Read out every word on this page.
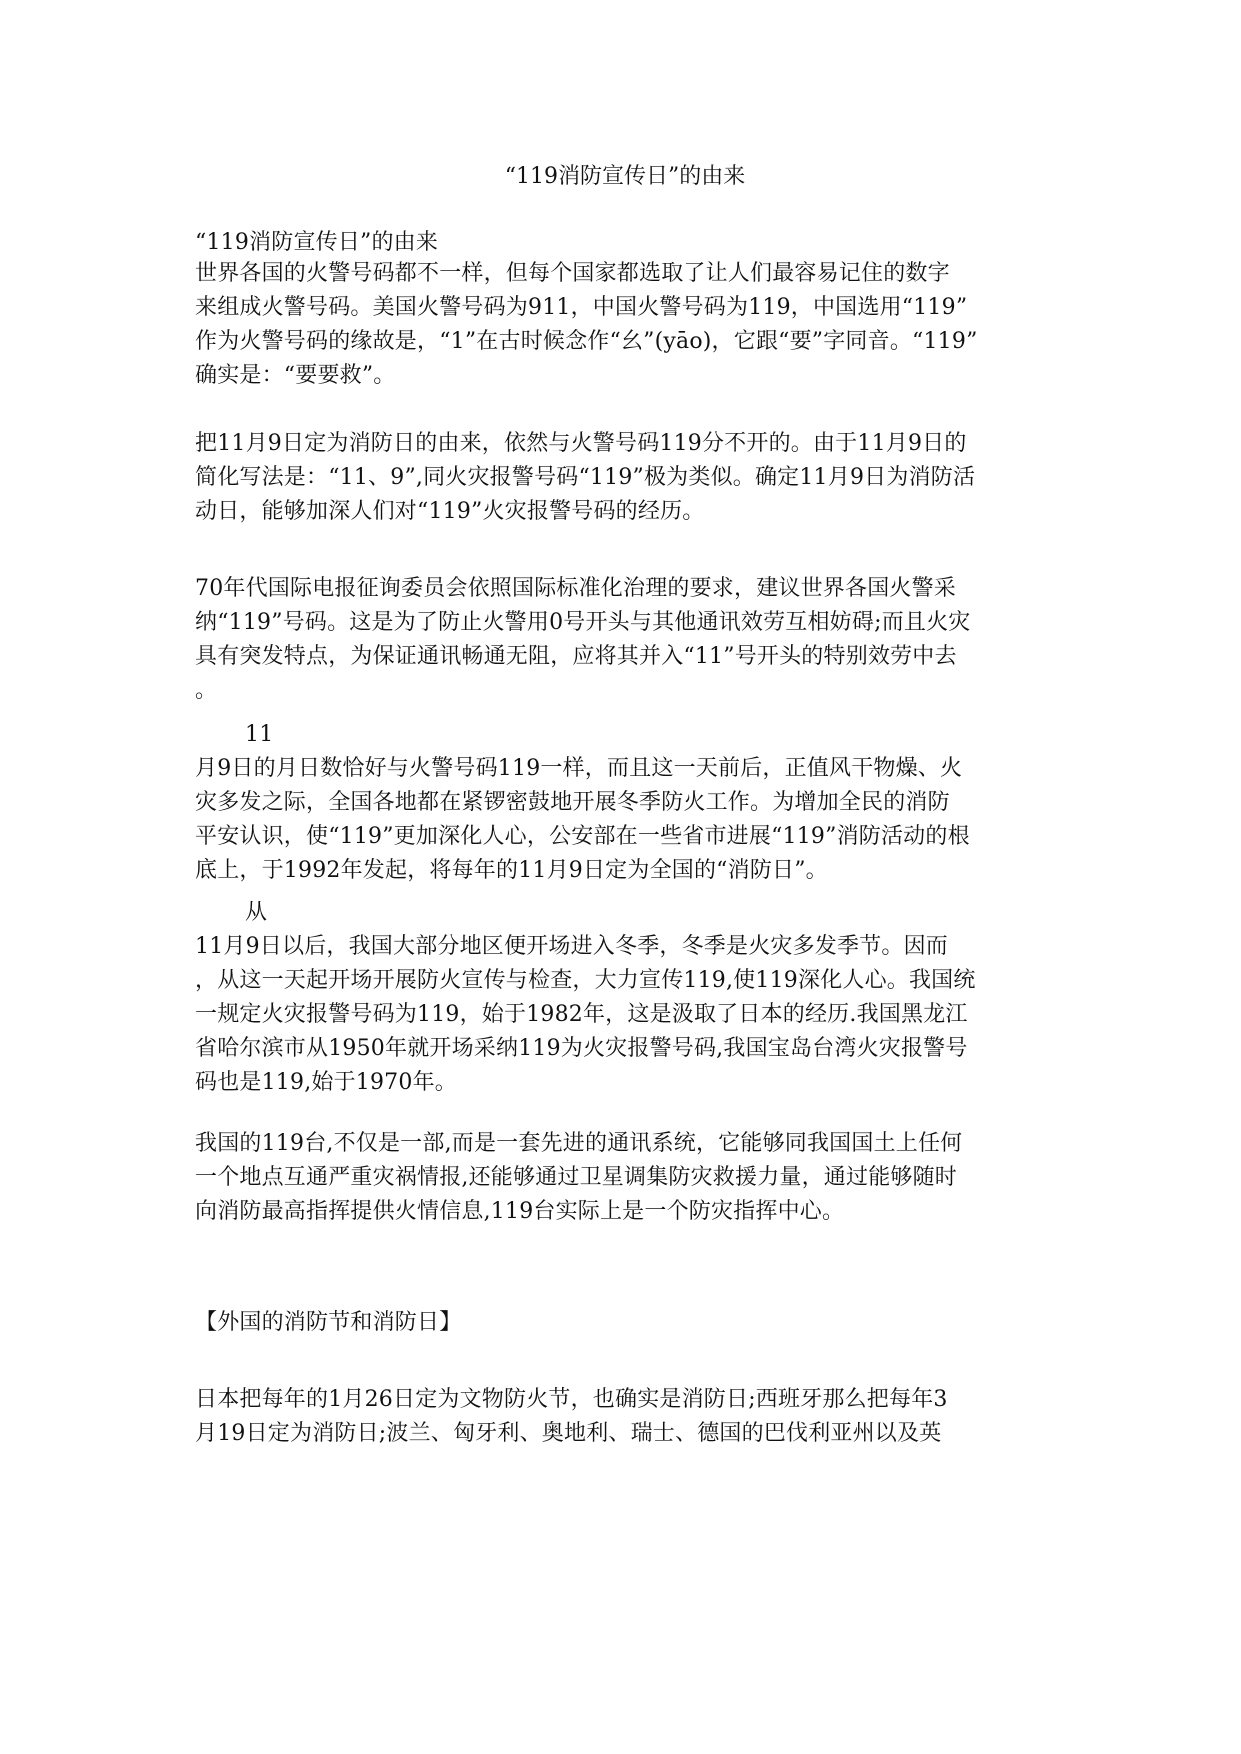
“119消防宣传日”的由来
“119消防宣传日”的由来
世界各国的火警号码都不一样，但每个国家都选取了让人们最容易记住的数字
来组成火警号码。美国火警号码为911，中国火警号码为119，中国选用“119”
作为火警号码的缘故是，“1”在古时候念作“幺”(yāo)，它跟“要”字同音。“119”
确实是：“要要救”。
把11月9日定为消防日的由来，依然与火警号码119分不开的。由于11月9日的
简化写法是：“11、9”,同火灾报警号码“119”极为类似。确定11月9日为消防活
动日，能够加深人们对“119”火灾报警号码的经历。
70年代国际电报征询委员会依照国际标准化治理的要求，建议世界各国火警采
纳“119”号码。这是为了防止火警用0号开头与其他通讯效劳互相妨碍;而且火灾
具有突发特点，为保证通讯畅通无阻，应将其并入“11”号开头的特别效劳中去
。
11
月9日的月日数恰好与火警号码119一样，而且这一天前后，正值风干物燥、火
灾多发之际，全国各地都在紧锣密鼓地开展冬季防火工作。为增加全民的消防
平安认识，使“119”更加深化人心，公安部在一些省市进展“119”消防活动的根
底上，于1992年发起，将每年的11月9日定为全国的“消防日”。
从
11月9日以后，我国大部分地区便开场进入冬季，冬季是火灾多发季节。因而
，从这一天起开场开展防火宣传与检查，大力宣传119,使119深化人心。我国统
一规定火灾报警号码为119，始于1982年，这是汲取了日本的经历.我国黑龙江
省哈尔滨市从1950年就开场采纳119为火灾报警号码,我国宝岛台湾火灾报警号
码也是119,始于1970年。
我国的119台,不仅是一部,而是一套先进的通讯系统，它能够同我国国土上任何
一个地点互通严重灾祸情报,还能够通过卫星调集防灾救援力量，通过能够随时
向消防最高指挥提供火情信息,119台实际上是一个防灾指挥中心。
【外国的消防节和消防日】
日本把每年的1月26日定为文物防火节，也确实是消防日;西班牙那么把每年3
月19日定为消防日;波兰、匈牙利、奥地利、瑞士、德国的巴伐利亚州以及英
